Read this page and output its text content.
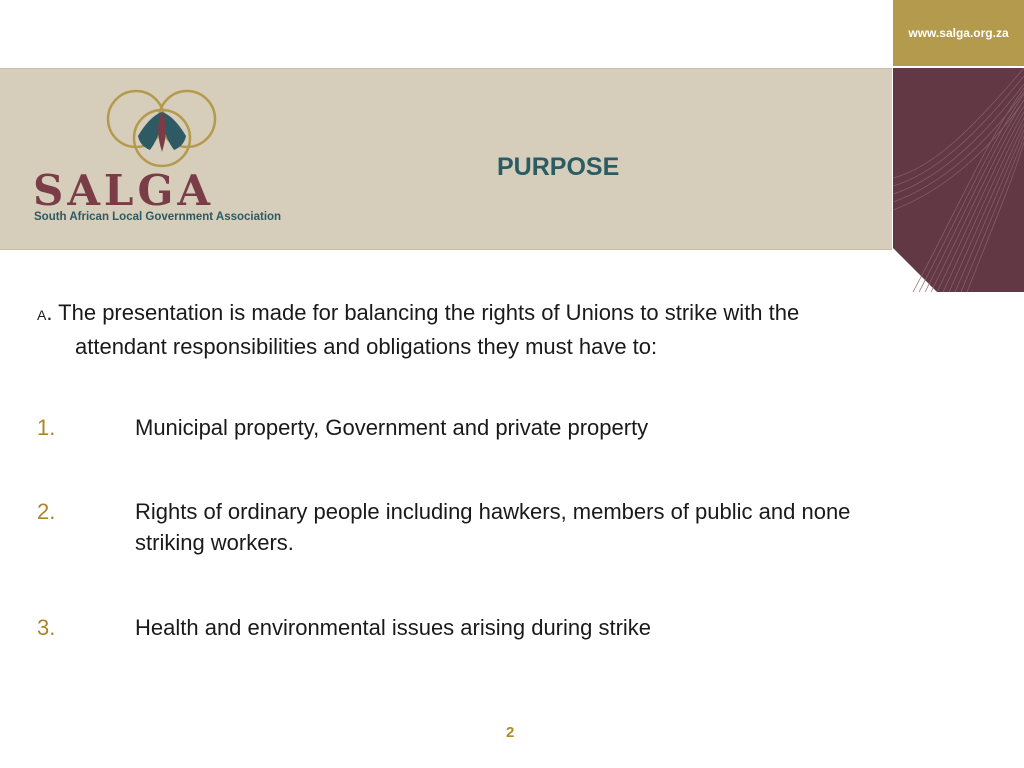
www.salga.org.za
SALGA
South African Local Government Association
PURPOSE
A. The presentation is made for balancing the rights of Unions to strike with the
attendant responsibilities and obligations they must have to:
1.	Municipal property, Government and private property
2.	Rights of ordinary people including hawkers, members of public and none striking workers.
3.	Health and environmental issues arising during strike
2
